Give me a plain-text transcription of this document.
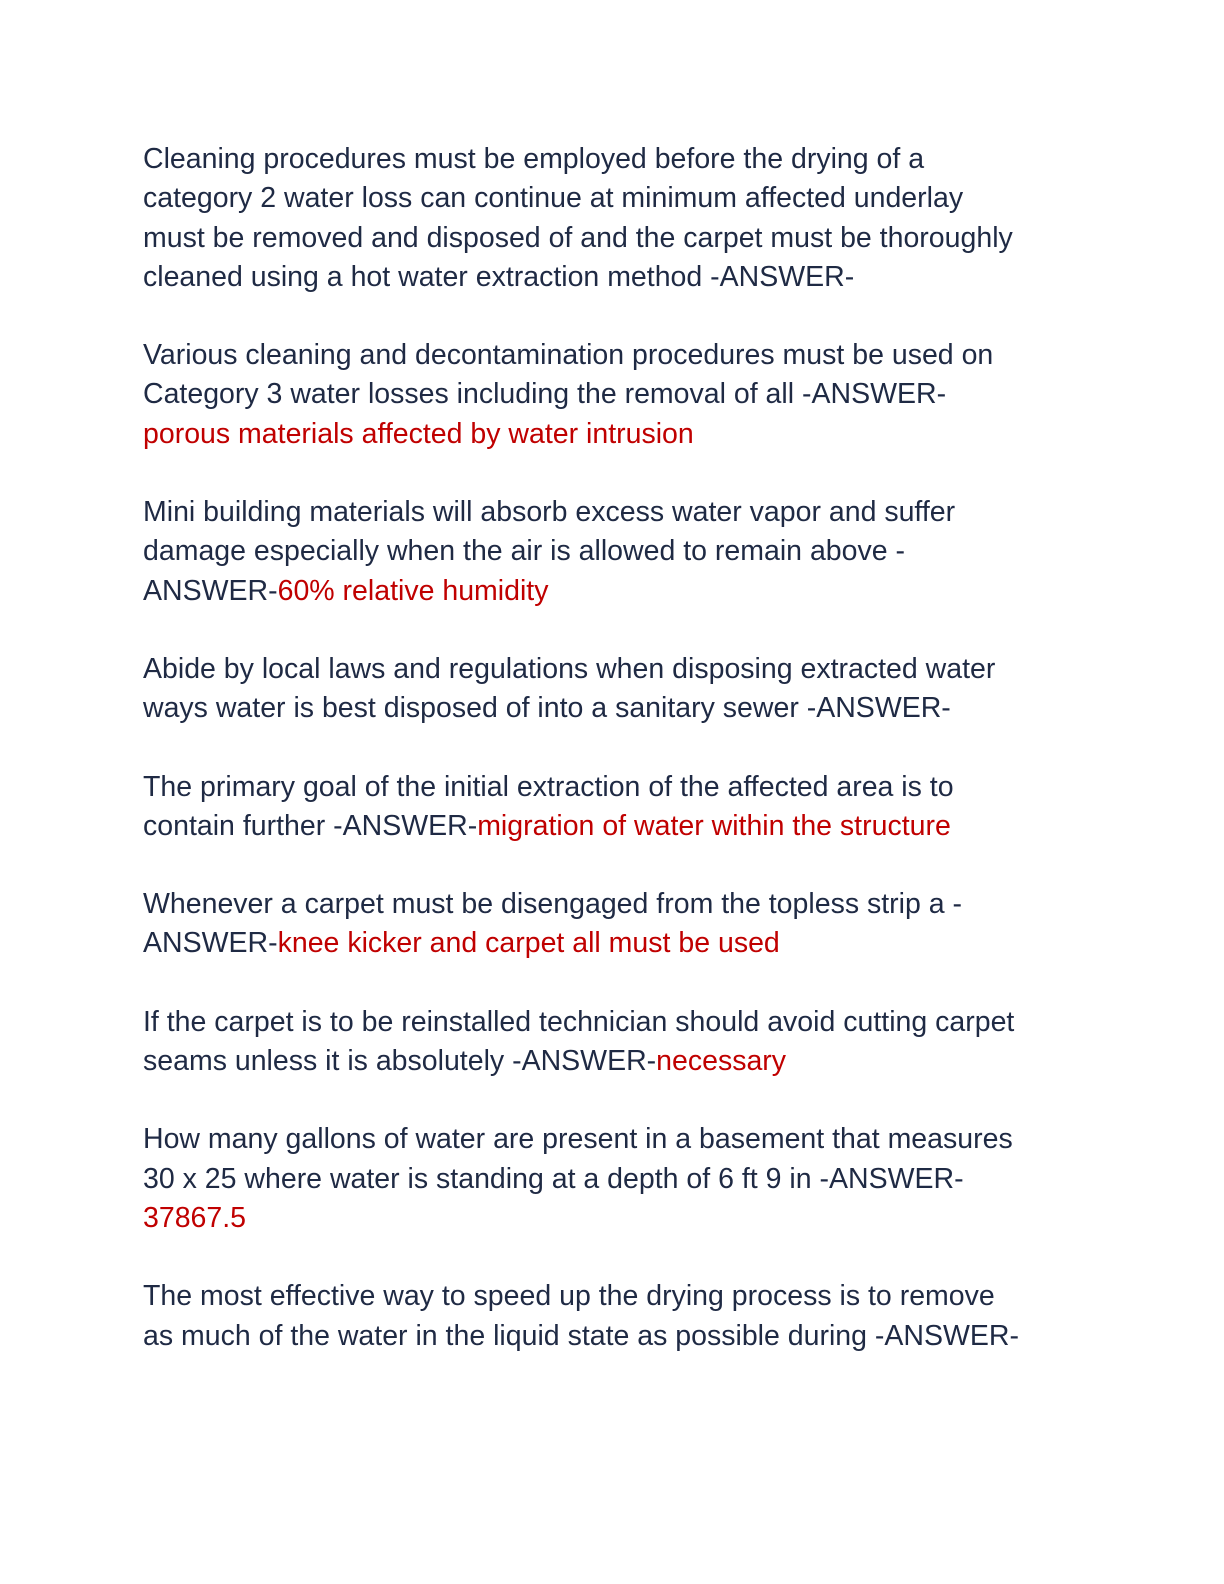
Cleaning procedures must be employed before the drying of a
category 2 water loss can continue at minimum affected underlay
must be removed and disposed of and the carpet must be thoroughly
cleaned using a hot water extraction method -ANSWER-
Various cleaning and decontamination procedures must be used on
Category 3 water losses including the removal of all -ANSWER-
porous materials affected by water intrusion
Mini building materials will absorb excess water vapor and suffer
damage especially when the air is allowed to remain above -
ANSWER-60% relative humidity
Abide by local laws and regulations when disposing extracted water
ways water is best disposed of into a sanitary sewer -ANSWER-
The primary goal of the initial extraction of the affected area is to
contain further -ANSWER-migration of water within the structure
Whenever a carpet must be disengaged from the topless strip a -
ANSWER-knee kicker and carpet all must be used
If the carpet is to be reinstalled technician should avoid cutting carpet
seams unless it is absolutely -ANSWER-necessary
How many gallons of water are present in a basement that measures
30 x 25 where water is standing at a depth of 6 ft 9 in -ANSWER-
37867.5
The most effective way to speed up the drying process is to remove
as much of the water in the liquid state as possible during -ANSWER-
